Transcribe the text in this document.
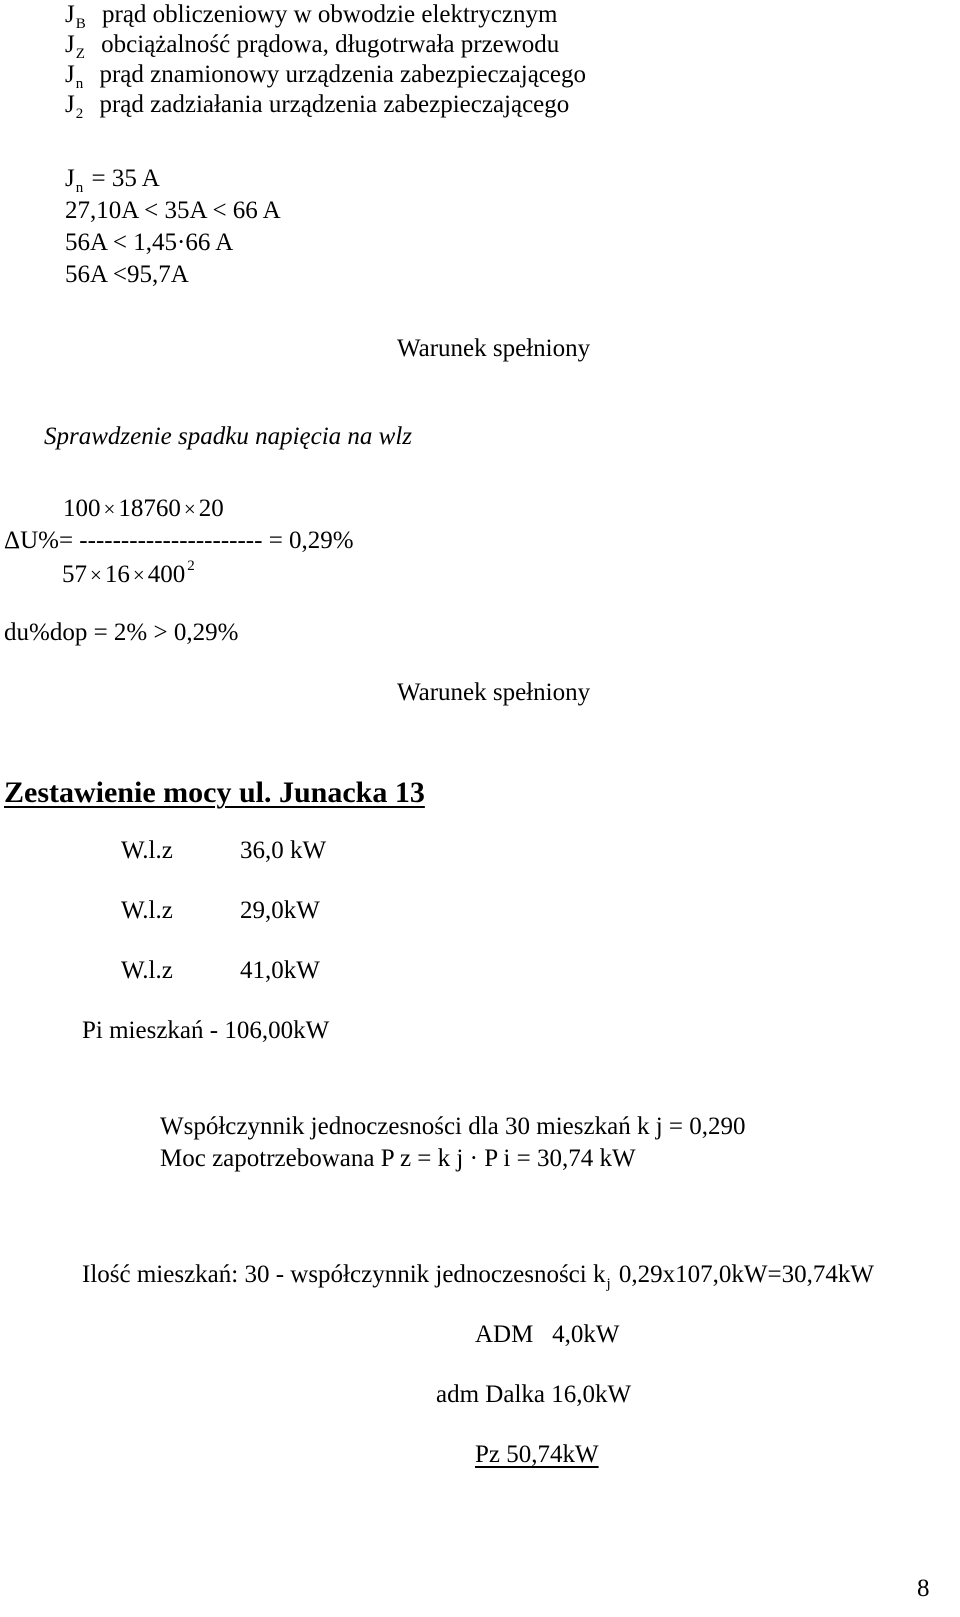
$J_B$ prąd obliczeniowy w obwodzie elektrycznym
$J_Z$ obciążalność prądowa, długotrwała przewodu
$J_n$ prąd znamionowy urządzenia zabezpieczającego
$J_2$ prąd zadziałania urządzenia zabezpieczającego
$J_n = 35$ A
27,10A < 35A < 66 A
56A < 1,45·66 A
56A <95,7A
Warunek spełniony
Sprawdzenie spadku napięcia na wlz
100 × 18760 × 20
ΔU%= ---------------------- = 0,29%
57 × 16 × 400 $^2$
du%dop = 2% > 0,29%
Warunek spełniony
Zestawienie mocy ul. Junacka 13
W.l.z	36,0 kW
W.l.z	29,0kW
W.l.z	41,0kW
Pi mieszkań - 106,00kW
Współczynnik jednoczesności dla 30 mieszkań k j = 0,290
Moc zapotrzebowana P z = k j · P i = 30,74 kW
Ilość mieszkań: 30 - współczynnik jednoczesności $k_j$ 0,29x107,0kW=30,74kW
ADM   4,0kW
adm Dalka 16,0kW
Pz 50,74kW
8
